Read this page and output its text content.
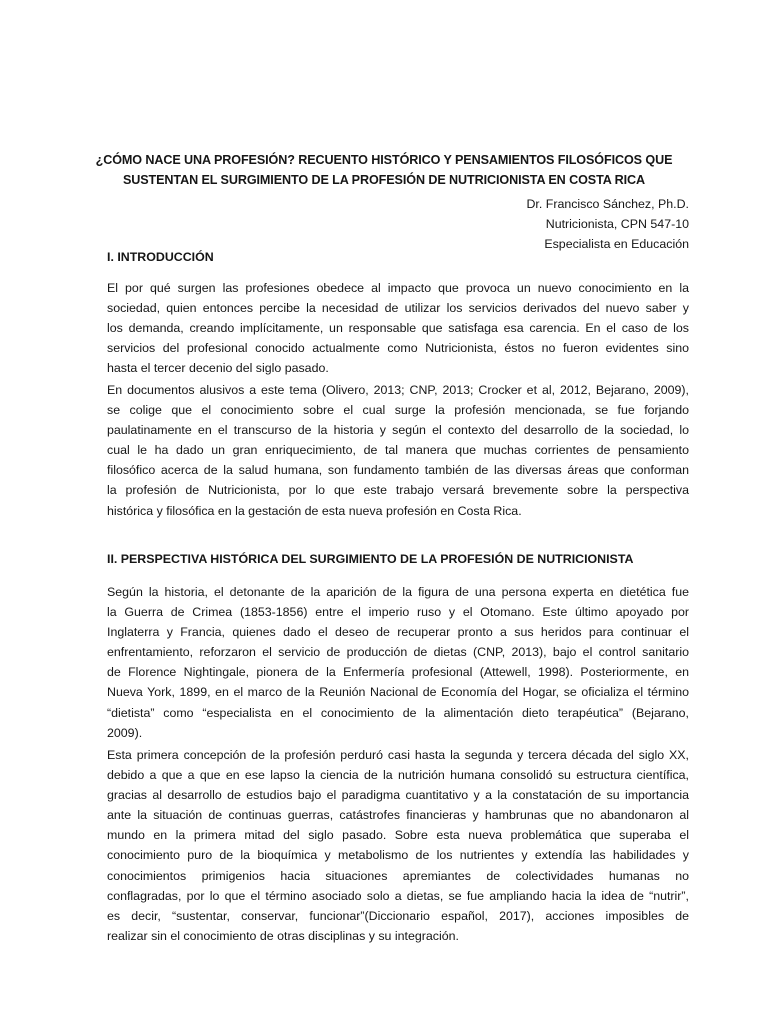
¿CÓMO NACE UNA PROFESIÓN? RECUENTO HISTÓRICO Y PENSAMIENTOS FILOSÓFICOS QUE
SUSTENTAN EL SURGIMIENTO DE LA PROFESIÓN DE NUTRICIONISTA EN COSTA RICA
Dr. Francisco Sánchez, Ph.D.
Nutricionista, CPN 547-10
Especialista en Educación
I. INTRODUCCIÓN
El por qué surgen las profesiones obedece al impacto que provoca un nuevo conocimiento en la
sociedad, quien entonces percibe la necesidad de utilizar los servicios derivados del nuevo saber y
los demanda, creando implícitamente, un responsable que satisfaga esa carencia. En el caso de los
servicios del profesional conocido actualmente como Nutricionista, éstos no fueron evidentes sino
hasta el tercer decenio del siglo pasado.
En documentos alusivos a este tema (Olivero, 2013; CNP, 2013; Crocker et al, 2012, Bejarano, 2009),
se colige que el conocimiento sobre el cual surge la profesión mencionada, se fue forjando
paulatinamente en el transcurso de la historia y según el contexto del desarrollo de la sociedad, lo
cual le ha dado un gran enriquecimiento, de tal manera que muchas corrientes de pensamiento
filosófico acerca de la salud humana, son fundamento también de las diversas áreas que conforman
la profesión de Nutricionista, por lo que este trabajo versará brevemente sobre la perspectiva
histórica y filosófica en la gestación de esta nueva profesión en Costa Rica.
II. PERSPECTIVA HISTÓRICA DEL SURGIMIENTO DE LA PROFESIÓN DE NUTRICIONISTA
Según la historia, el detonante de la aparición de la figura de una persona experta en dietética fue
la Guerra de Crimea (1853-1856) entre el imperio ruso y el Otomano. Este último apoyado por
Inglaterra y Francia, quienes dado el deseo de recuperar pronto a sus heridos para continuar el
enfrentamiento, reforzaron el servicio de producción de dietas (CNP, 2013), bajo el control sanitario
de Florence Nightingale, pionera de la Enfermería profesional (Attewell, 1998). Posteriormente, en
Nueva York, 1899, en el marco de la Reunión Nacional de Economía del Hogar, se oficializa el término
“dietista” como “especialista en el conocimiento de la alimentación dieto terapéutica” (Bejarano,
2009).
Esta primera concepción de la profesión perduró casi hasta la segunda y tercera década del siglo XX,
debido a que a que en ese lapso la ciencia de la nutrición humana consolidó su estructura científica,
gracias al desarrollo de estudios bajo el paradigma cuantitativo y a la constatación de su importancia
ante la situación de continuas guerras, catástrofes financieras y hambrunas que no abandonaron al
mundo en la primera mitad del siglo pasado. Sobre esta nueva problemática que superaba el
conocimiento puro de la bioquímica y metabolismo de los nutrientes y extendía las habilidades y
conocimientos primigenios hacia situaciones apremiantes de colectividades humanas no
conflagradas, por lo que el término asociado solo a dietas, se fue ampliando hacia la idea de “nutrir”,
es decir, “sustentar, conservar, funcionar”(Diccionario español, 2017), acciones imposibles de
realizar sin el conocimiento de otras disciplinas y su integración.
